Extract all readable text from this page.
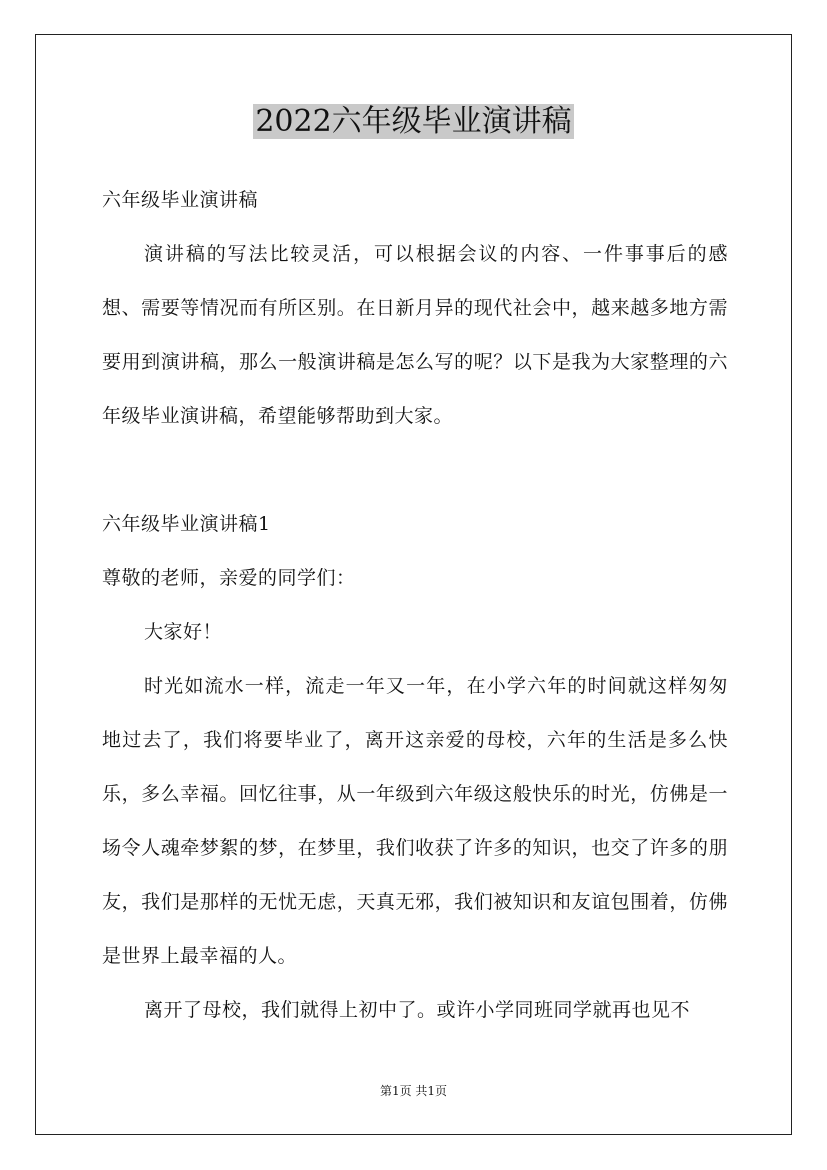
2022六年级毕业演讲稿

六年级毕业演讲稿

演讲稿的写法比较灵活，可以根据会议的内容、一件事事后的感想、需要等情况而有所区别。在日新月异的现代社会中，越来越多地方需要用到演讲稿，那么一般演讲稿是怎么写的呢？以下是我为大家整理的六年级毕业演讲稿，希望能够帮助到大家。

六年级毕业演讲稿1

尊敬的老师，亲爱的同学们：

大家好！

时光如流水一样，流走一年又一年，在小学六年的时间就这样匆匆地过去了，我们将要毕业了，离开这亲爱的母校，六年的生活是多么快乐，多么幸福。回忆往事，从一年级到六年级这般快乐的时光，仿佛是一场令人魂牵梦絮的梦，在梦里，我们收获了许多的知识，也交了许多的朋友，我们是那样的无忧无虑，天真无邪，我们被知识和友谊包围着，仿佛是世界上最幸福的人。

离开了母校，我们就得上初中了。或许小学同班同学就再也见不

第1页 共1页
